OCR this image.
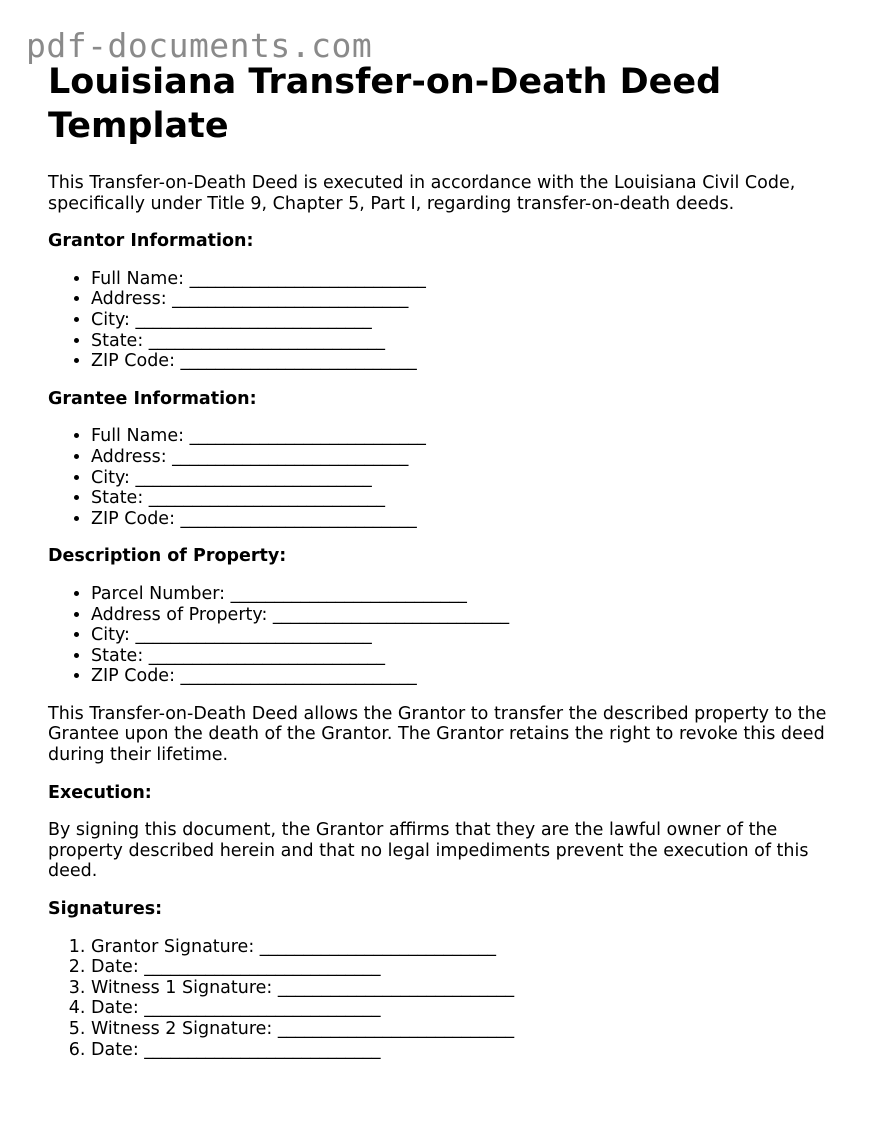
pdf-documents.com
Louisiana Transfer-on-Death Deed Template

This Transfer-on-Death Deed is executed in accordance with the Louisiana Civil Code, specifically under Title 9, Chapter 5, Part I, regarding transfer-on-death deeds.

Grantor Information:
• Full Name: ___________________________
• Address: ___________________________
• City: ___________________________
• State: ___________________________
• ZIP Code: ___________________________
Grantee Information:
• Full Name: ___________________________
• Address: ___________________________
• City: ___________________________
• State: ___________________________
• ZIP Code: ___________________________
Description of Property:
• Parcel Number: ___________________________
• Address of Property: ___________________________
• City: ___________________________
• State: ___________________________
• ZIP Code: ___________________________

This Transfer-on-Death Deed allows the Grantor to transfer the described property to the Grantee upon the death of the Grantor. The Grantor retains the right to revoke this deed during their lifetime.

Execution:

By signing this document, the Grantor affirms that they are the lawful owner of the property described herein and that no legal impediments prevent the execution of this deed.

Signatures:
1. Grantor Signature: ___________________________
2. Date: ___________________________
3. Witness 1 Signature: ___________________________
4. Date: ___________________________
5. Witness 2 Signature: ___________________________
6. Date: ___________________________
